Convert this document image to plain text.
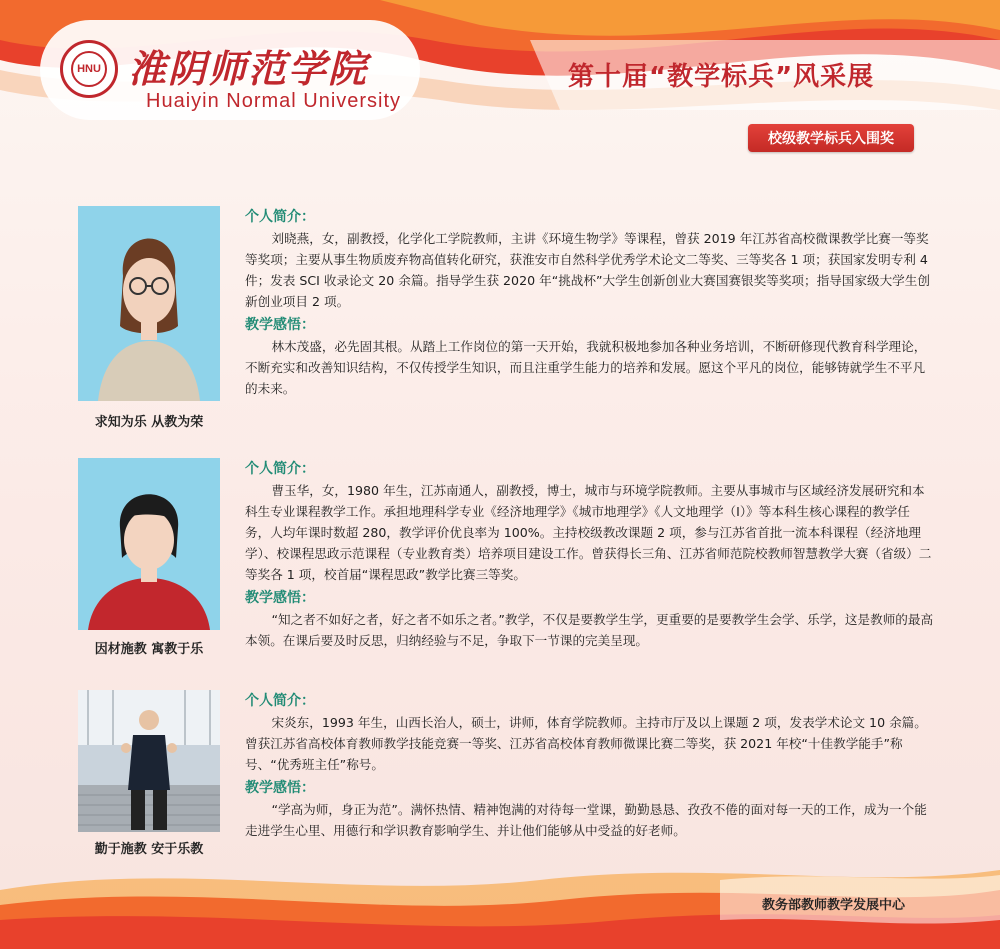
HNU 淮阴师范学院
Huaiyin Normal University
第十届“教学标兵”风采展
校级教学标兵入围奖
求知为乐 从教为荣

个人简介：

刘晓燕，女，副教授，化学化工学院教师，主讲《环境生物学》等课程，曾获 2019 年江苏省高校微课教学比赛一等奖等奖项；主要从事生物质废弃物高值转化研究，获淮安市自然科学优秀学术论文二等奖、三等奖各 1 项；获国家发明专利 4 件；发表 SCI 收录论文 20 余篇。指导学生获 2020 年“挑战杯”大学生创新创业大赛国赛银奖等奖项；指导国家级大学生创新创业项目 2 项。

教学感悟：

林木茂盛，必先固其根。从踏上工作岗位的第一天开始，我就积极地参加各种业务培训，不断研修现代教育科学理论，不断充实和改善知识结构，不仅传授学生知识，而且注重学生能力的培养和发展。愿这个平凡的岗位，能够铸就学生不平凡的未来。

因材施教 寓教于乐

个人简介：

曹玉华，女，1980 年生，江苏南通人，副教授，博士，城市与环境学院教师。主要从事城市与区域经济发展研究和本科生专业课程教学工作。承担地理科学专业《经济地理学》《城市地理学》《人文地理学（I）》等本科生核心课程的教学任务，人均年课时数超 280，教学评价优良率为 100%。主持校级教改课题 2 项，参与江苏省首批一流本科课程（经济地理学）、校课程思政示范课程（专业教育类）培养项目建设工作。曾获得长三角、江苏省师范院校教师智慧教学大赛（省级）二等奖各 1 项，校首届“课程思政”教学比赛三等奖。

教学感悟：

“知之者不如好之者，好之者不如乐之者。”教学，不仅是要教学生学，更重要的是要教学生会学、乐学，这是教师的最高本领。在课后要及时反思，归纳经验与不足，争取下一节课的完美呈现。

勤于施教 安于乐教

个人简介：

宋炎东，1993 年生，山西长治人，硕士，讲师，体育学院教师。主持市厅及以上课题 2 项，发表学术论文 10 余篇。曾获江苏省高校体育教师教学技能竞赛一等奖、江苏省高校体育教师微课比赛二等奖，获 2021 年校“十佳教学能手”称号、“优秀班主任”称号。

教学感悟：

“学高为师，身正为范”。满怀热情、精神饱满的对待每一堂课，勤勤恳恳、孜孜不倦的面对每一天的工作，成为一个能走进学生心里、用德行和学识教育影响学生、并让他们能够从中受益的好老师。

教务部教师教学发展中心
